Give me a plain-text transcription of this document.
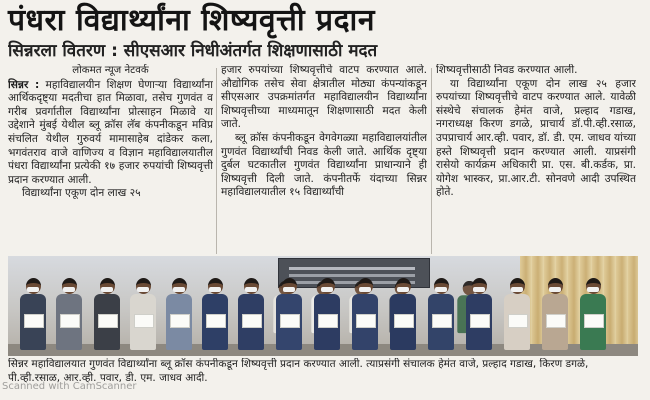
पंधरा विद्यार्थ्यांना शिष्यवृत्ती प्रदान
सिन्नरला वितरण : सीएसआर निधीअंतर्गत शिक्षणासाठी मदत
लोकमत न्यूज नेटवर्क

सिन्नर : महाविद्यालयीन शिक्षण घेणाऱ्या विद्यार्थ्यांना आर्थिकदृष्ट्या मदतीचा हात मिळावा, तसेच गुणवंत व गरीब प्रवर्गातील विद्यार्थ्यांना प्रोत्साहन मिळावे या उद्देशाने मुंबई येथील ब्लू क्रॉस लॅब कंपनीकडून मविप्र संचलित येथील गुरुवर्य मामासाहेब दांडेकर कला, भगवंतराव वाजे वाणिज्य व विज्ञान महाविद्यालयातील पंधरा विद्यार्थ्यांना प्रत्येकी १७ हजार रुपयांची शिष्यवृत्ती प्रदान करण्यात आली.

विद्यार्थ्यांना एकूण दोन लाख २५

हजार रुपयांच्या शिष्यवृत्तीचे वाटप करण्यात आले. औद्योगिक तसेच सेवा क्षेत्रातील मोठ्या कंपन्यांकडून सीएसआर उपक्रमांतर्गत महाविद्यालयीन विद्यार्थ्यांना शिष्यवृत्तीच्या माध्यमातून शिक्षणासाठी मदत केली जाते.

ब्लू क्रॉस कंपनीकडून वेगवेगळ्या महाविद्यालयांतील गुणवंत विद्यार्थ्यांची निवड केली जाते. आर्थिक दृष्ट्या दुर्बल घटकातील गुणवंत विद्यार्थ्यांना प्राधान्याने ही शिष्यवृत्ती दिली जाते. कंपनीतर्फे यंदाच्या सिन्नर महाविद्यालयातील १५ विद्यार्थ्यांची

शिष्यवृत्तीसाठी निवड करण्यात आली.

या विद्यार्थ्यांना एकूण दोन लाख २५ हजार रुपयांच्या शिष्यवृत्तीचे वाटप करण्यात आले. यावेळी संस्थेचे संचालक हेमंत वाजे, प्रल्हाद गडाख, नगराध्यक्ष किरण डगळे, प्राचार्य डॉ.पी.व्ही.रसाळ, उपप्राचार्य आर.व्ही. पवार, डॉ. डी. एम. जाधव यांच्या हस्ते शिष्यवृत्ती प्रदान करण्यात आली. याप्रसंगी रासेयो कार्यक्रम अधिकारी प्रा. एस. बी.कर्डक, प्रा. योगेश भास्कर, प्रा.आर.टी. सोनवणे आदी उपस्थित होते.

सिन्नर महाविद्यालयात गुणवंत विद्यार्थ्यांना ब्लू क्रॉस कंपनीकडून शिष्यवृत्ती प्रदान करण्यात आली. त्याप्रसंगी संचालक हेमंत वाजे, प्रल्हाद गडाख, किरण डगळे, पी.व्ही.रसाळ, आर.व्ही. पवार, डी. एम. जाधव आदी.
Scanned with CamScanner
